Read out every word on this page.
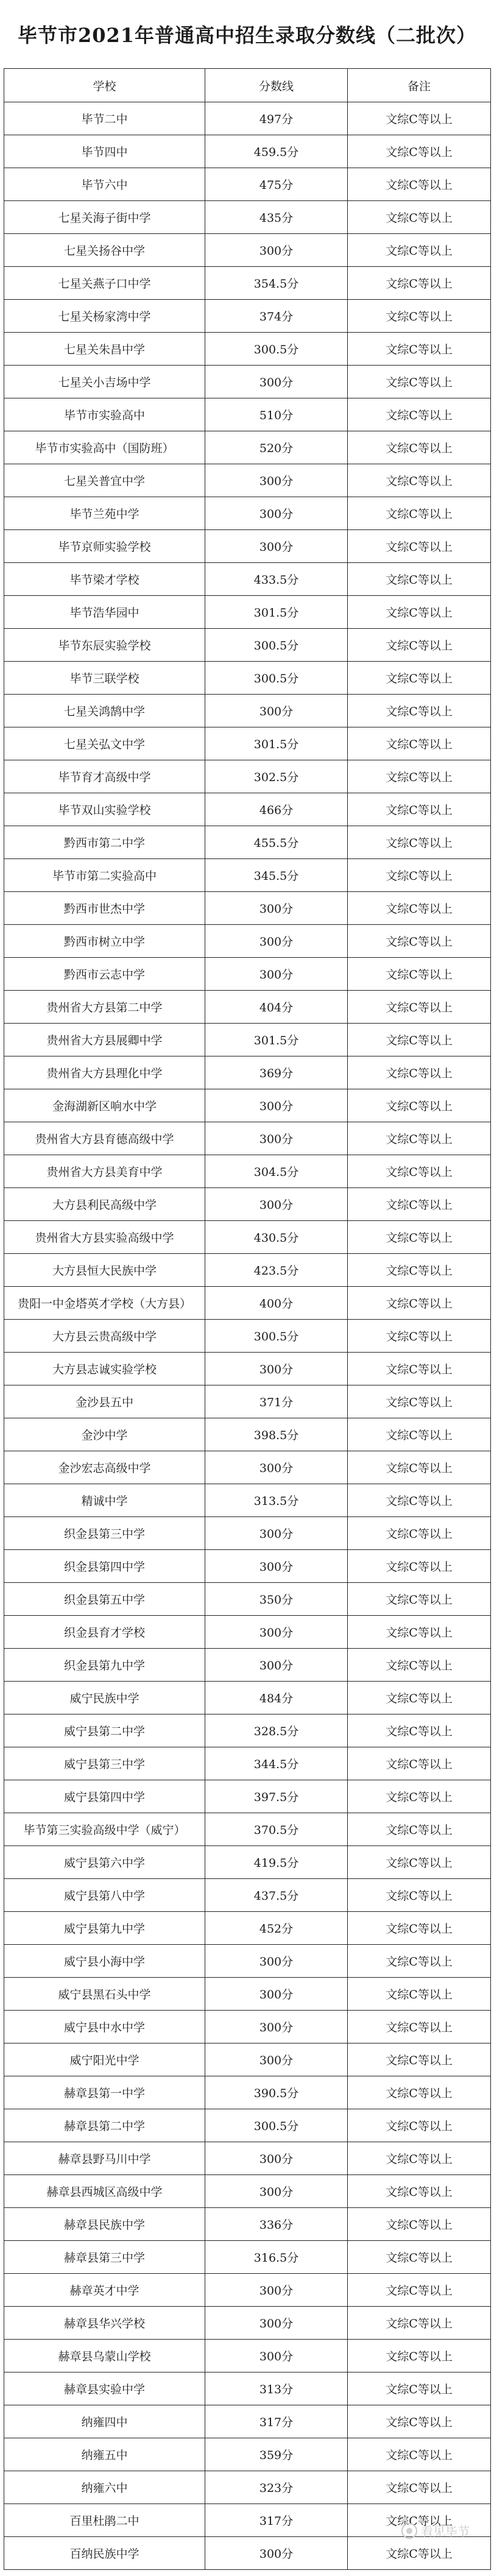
毕节市2021年普通高中招生录取分数线（二批次）
学校	分数线	备注
毕节二中	497分	文综C等以上
毕节四中	459.5分	文综C等以上
毕节六中	475分	文综C等以上
七星关海子街中学	435分	文综C等以上
七星关扬谷中学	300分	文综C等以上
七星关燕子口中学	354.5分	文综C等以上
七星关杨家湾中学	374分	文综C等以上
七星关朱昌中学	300.5分	文综C等以上
七星关小吉场中学	300分	文综C等以上
毕节市实验高中	510分	文综C等以上
毕节市实验高中（国防班）	520分	文综C等以上
七星关普宜中学	300分	文综C等以上
毕节兰苑中学	300分	文综C等以上
毕节京师实验学校	300分	文综C等以上
毕节梁才学校	433.5分	文综C等以上
毕节浩华园中	301.5分	文综C等以上
毕节东辰实验学校	300.5分	文综C等以上
毕节三联学校	300.5分	文综C等以上
七星关鸿鹄中学	300分	文综C等以上
七星关弘文中学	301.5分	文综C等以上
毕节育才高级中学	302.5分	文综C等以上
毕节双山实验学校	466分	文综C等以上
黔西市第二中学	455.5分	文综C等以上
毕节市第二实验高中	345.5分	文综C等以上
黔西市世杰中学	300分	文综C等以上
黔西市树立中学	300分	文综C等以上
黔西市云志中学	300分	文综C等以上
贵州省大方县第二中学	404分	文综C等以上
贵州省大方县展卿中学	301.5分	文综C等以上
贵州省大方县理化中学	369分	文综C等以上
金海湖新区响水中学	300分	文综C等以上
贵州省大方县育德高级中学	300分	文综C等以上
贵州省大方县美育中学	304.5分	文综C等以上
大方县利民高级中学	300分	文综C等以上
贵州省大方县实验高级中学	430.5分	文综C等以上
大方县恒大民族中学	423.5分	文综C等以上
贵阳一中金塔英才学校（大方县）	400分	文综C等以上
大方县云贵高级中学	300.5分	文综C等以上
大方县志诚实验学校	300分	文综C等以上
金沙县五中	371分	文综C等以上
金沙中学	398.5分	文综C等以上
金沙宏志高级中学	300分	文综C等以上
精诚中学	313.5分	文综C等以上
织金县第三中学	300分	文综C等以上
织金县第四中学	300分	文综C等以上
织金县第五中学	350分	文综C等以上
织金县育才学校	300分	文综C等以上
织金县第九中学	300分	文综C等以上
威宁民族中学	484分	文综C等以上
威宁县第二中学	328.5分	文综C等以上
威宁县第三中学	344.5分	文综C等以上
威宁县第四中学	397.5分	文综C等以上
毕节第三实验高级中学（威宁）	370.5分	文综C等以上
威宁县第六中学	419.5分	文综C等以上
威宁县第八中学	437.5分	文综C等以上
威宁县第九中学	452分	文综C等以上
威宁县小海中学	300分	文综C等以上
威宁县黑石头中学	300分	文综C等以上
威宁县中水中学	300分	文综C等以上
威宁阳光中学	300分	文综C等以上
赫章县第一中学	390.5分	文综C等以上
赫章县第二中学	300.5分	文综C等以上
赫章县野马川中学	300分	文综C等以上
赫章县西城区高级中学	300分	文综C等以上
赫章县民族中学	336分	文综C等以上
赫章县第三中学	316.5分	文综C等以上
赫章英才中学	300分	文综C等以上
赫章县华兴学校	300分	文综C等以上
赫章县乌蒙山学校	300分	文综C等以上
赫章县实验中学	313分	文综C等以上
纳雍四中	317分	文综C等以上
纳雍五中	359分	文综C等以上
纳雍六中	323分	文综C等以上
百里杜鹃二中	317分	文综C等以上
百纳民族中学	300分	文综C等以上
看见毕节
